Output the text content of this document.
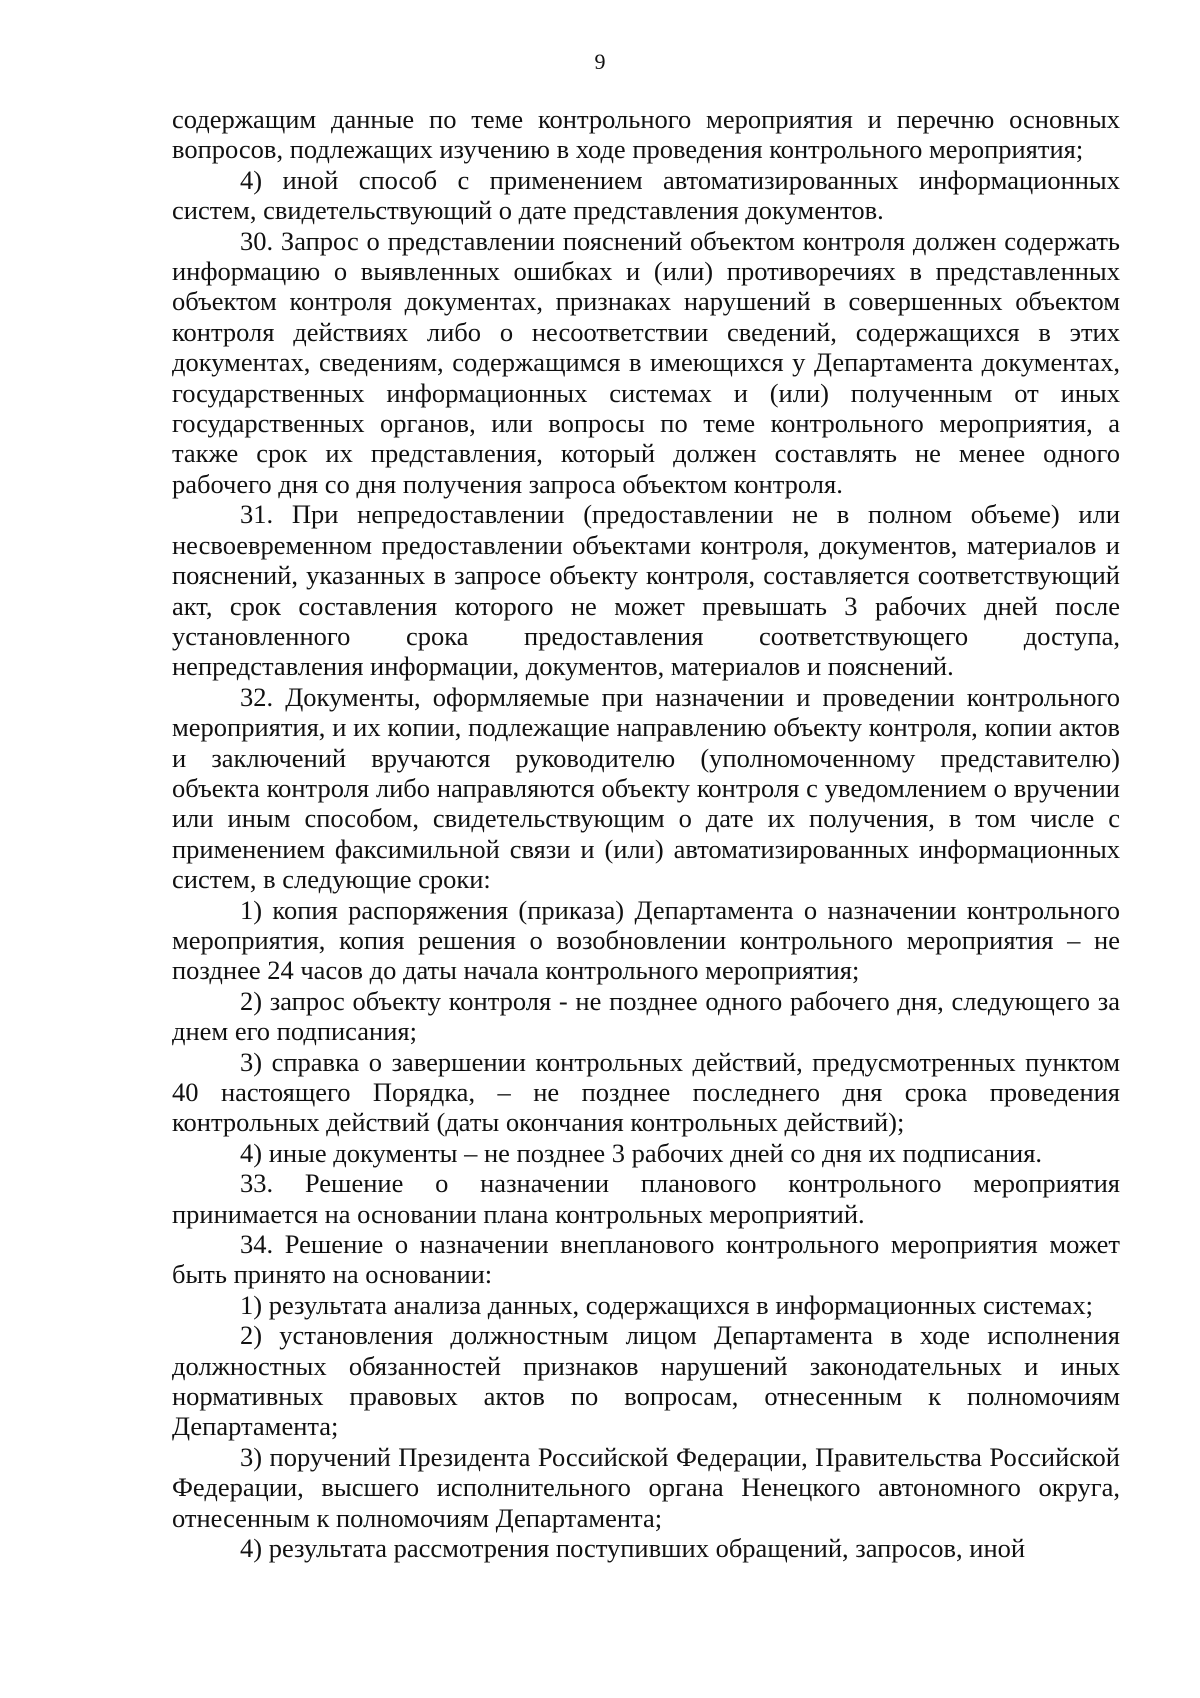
9

содержащим данные по теме контрольного мероприятия и перечню основных вопросов, подлежащих изучению в ходе проведения контрольного мероприятия;

4) иной способ с применением автоматизированных информационных систем, свидетельствующий о дате представления документов.

30. Запрос о представлении пояснений объектом контроля должен содержать информацию о выявленных ошибках и (или) противоречиях в представленных объектом контроля документах, признаках нарушений в совершенных объектом контроля действиях либо о несоответствии сведений, содержащихся в этих документах, сведениям, содержащимся в имеющихся у Департамента документах, государственных информационных системах и (или) полученным от иных государственных органов, или вопросы по теме контрольного мероприятия, а также срок их представления, который должен составлять не менее одного рабочего дня со дня получения запроса объектом контроля.

31. При непредоставлении (предоставлении не в полном объеме) или несвоевременном предоставлении объектами контроля, документов, материалов и пояснений, указанных в запросе объекту контроля, составляется соответствующий акт, срок составления которого не может превышать 3 рабочих дней после установленного срока предоставления соответствующего доступа, непредставления информации, документов, материалов и пояснений.

32. Документы, оформляемые при назначении и проведении контрольного мероприятия, и их копии, подлежащие направлению объекту контроля, копии актов и заключений вручаются руководителю (уполномоченному представителю) объекта контроля либо направляются объекту контроля с уведомлением о вручении или иным способом, свидетельствующим о дате их получения, в том числе с применением факсимильной связи и (или) автоматизированных информационных систем, в следующие сроки:

1) копия распоряжения (приказа) Департамента о назначении контрольного мероприятия, копия решения о возобновлении контрольного мероприятия – не позднее 24 часов до даты начала контрольного мероприятия;

2) запрос объекту контроля - не позднее одного рабочего дня, следующего за днем его подписания;

3) справка о завершении контрольных действий, предусмотренных пунктом 40 настоящего Порядка, – не позднее последнего дня срока проведения контрольных действий (даты окончания контрольных действий);

4) иные документы – не позднее 3 рабочих дней со дня их подписания.

33. Решение о назначении планового контрольного мероприятия принимается на основании плана контрольных мероприятий.

34. Решение о назначении внепланового контрольного мероприятия может быть принято на основании:

1) результата анализа данных, содержащихся в информационных системах;

2) установления должностным лицом Департамента в ходе исполнения должностных обязанностей признаков нарушений законодательных и иных нормативных правовых актов по вопросам, отнесенным к полномочиям Департамента;

3) поручений Президента Российской Федерации, Правительства Российской Федерации, высшего исполнительного органа Ненецкого автономного округа, отнесенным к полномочиям Департамента;

4) результата рассмотрения поступивших обращений, запросов, иной
